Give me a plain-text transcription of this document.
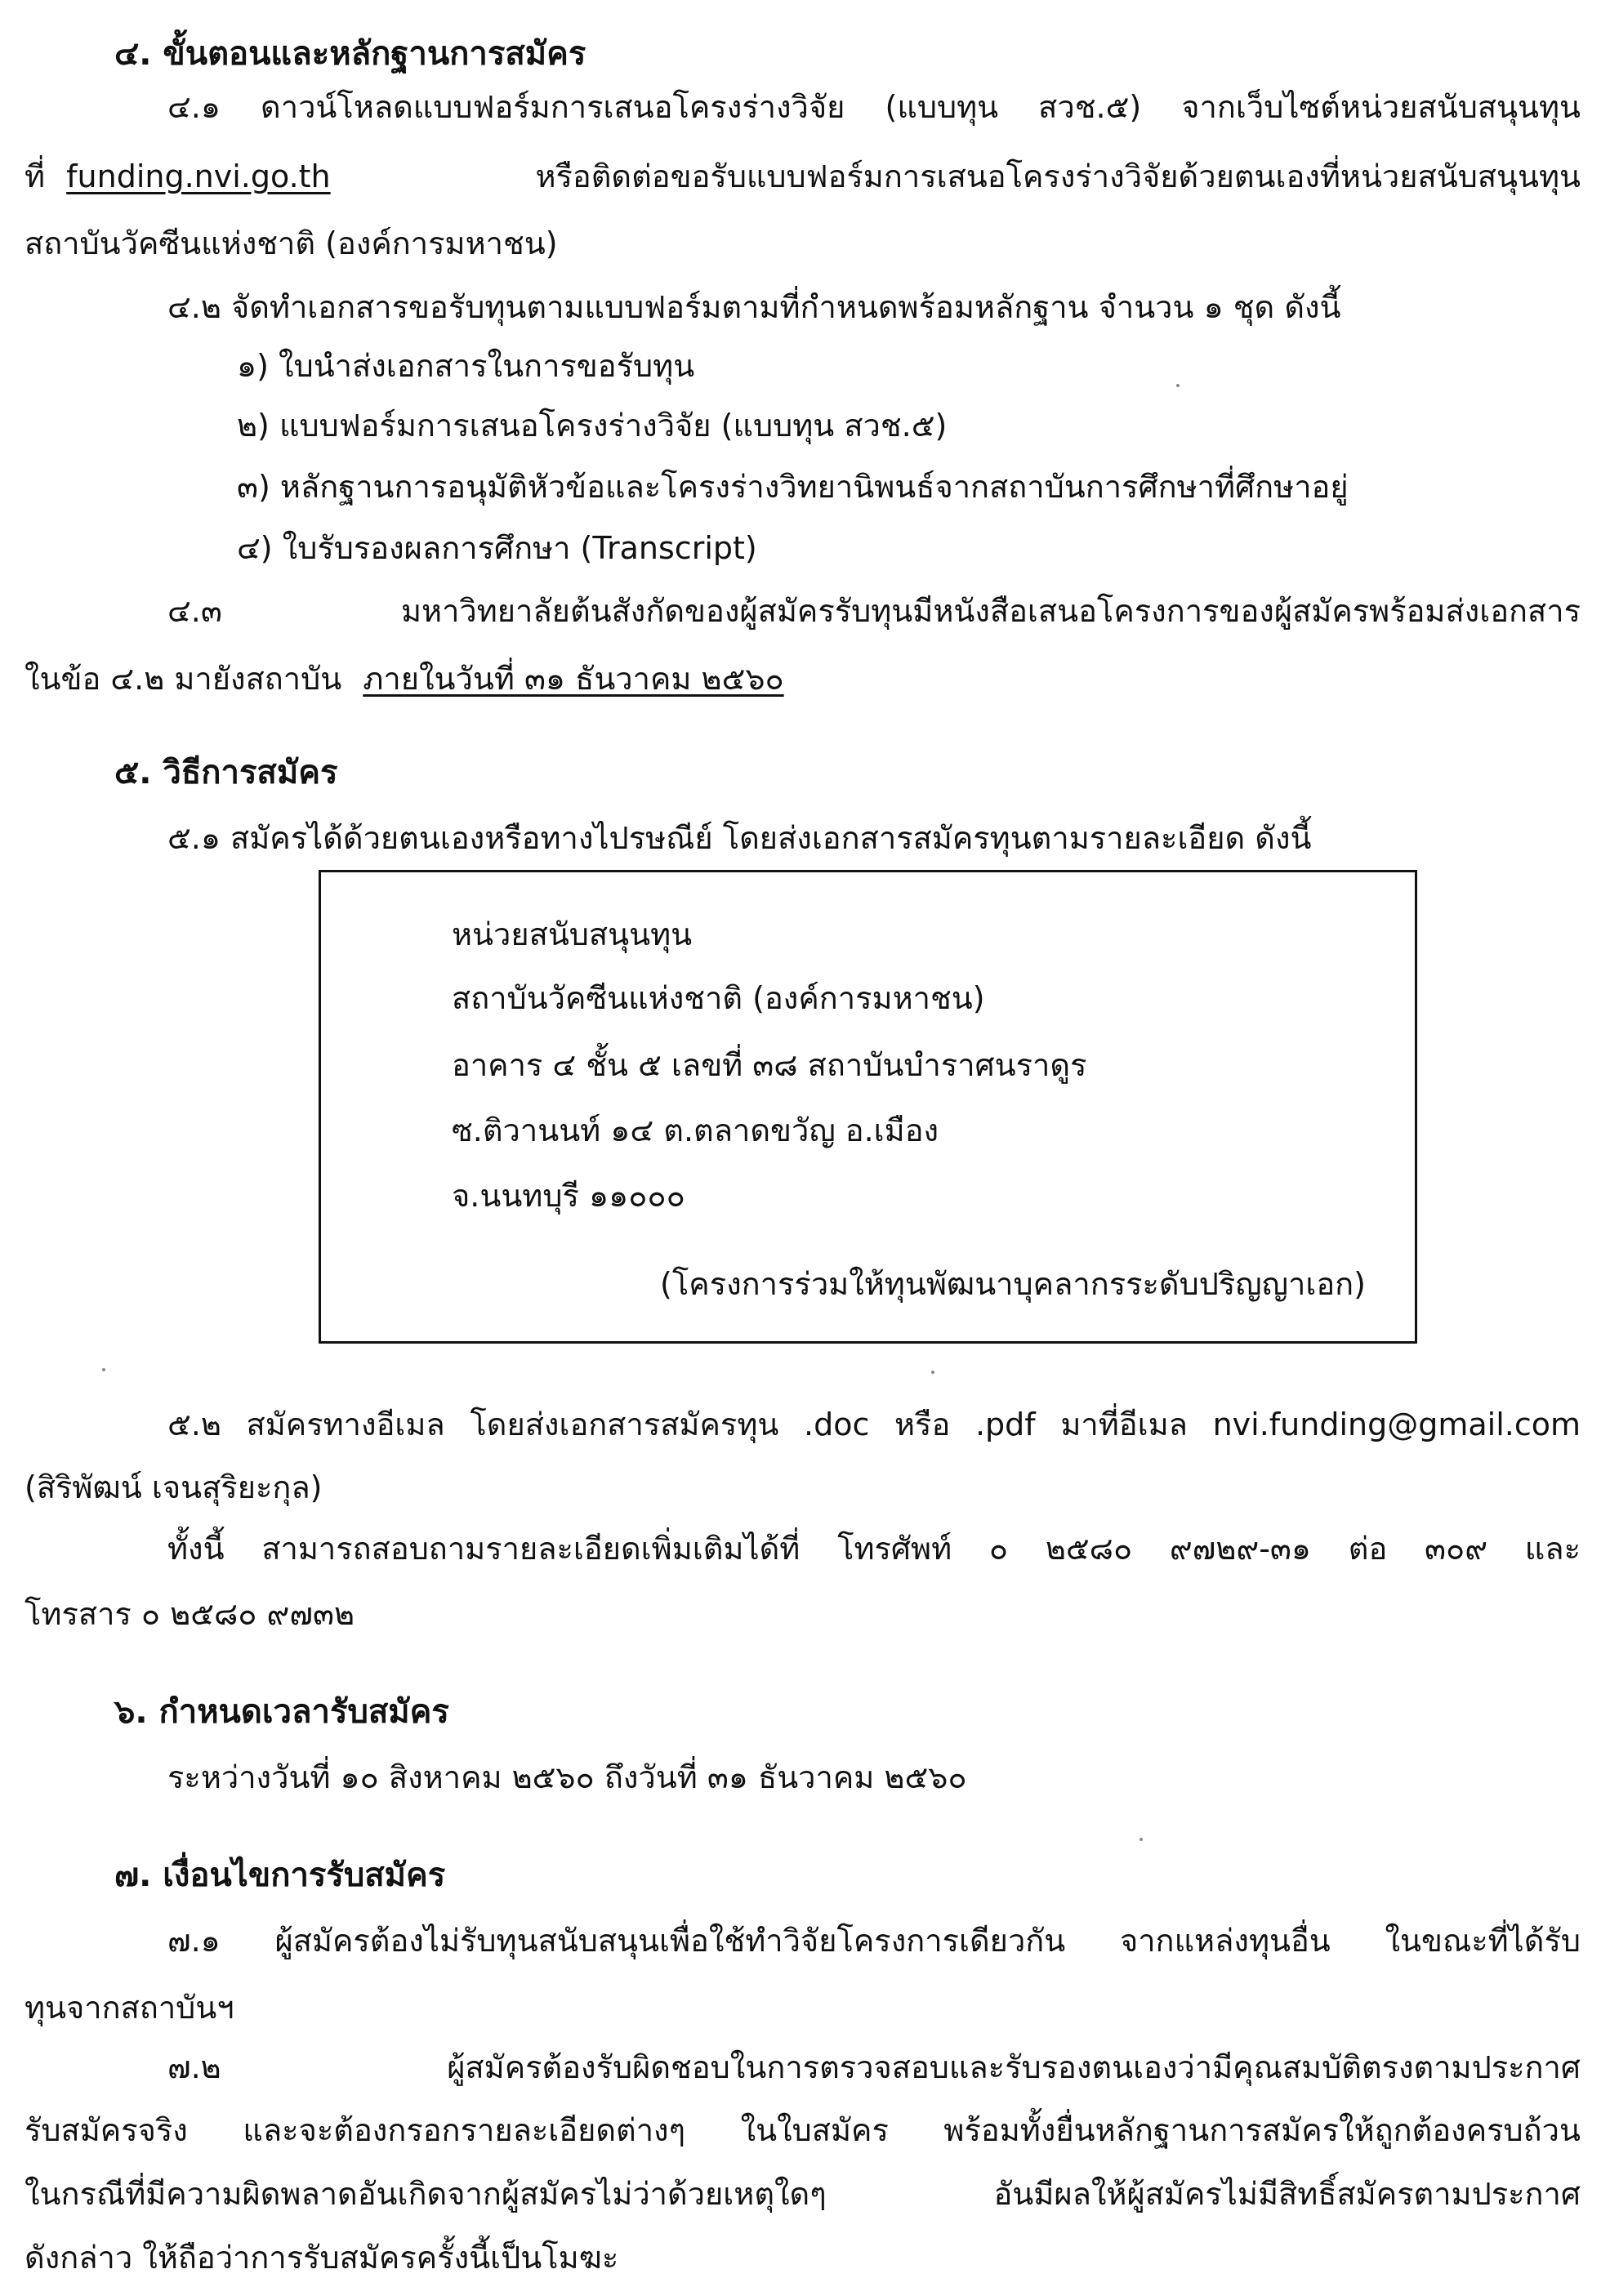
๔. ขั้นตอนและหลักฐานการสมัคร
๔.๑ ดาวน์โหลดแบบฟอร์มการเสนอโครงร่างวิจัย (แบบทุน สวช.๕) จากเว็บไซต์หน่วยสนับสนุนทุน
ที่ funding.nvi.go.th	หรือติดต่อขอรับแบบฟอร์มการเสนอโครงร่างวิจัยด้วยตนเองที่หน่วยสนับสนุนทุน
สถาบันวัคซีนแห่งชาติ (องค์การมหาชน)
๔.๒ จัดทำเอกสารขอรับทุนตามแบบฟอร์มตามที่กำหนดพร้อมหลักฐาน จำนวน ๑ ชุด ดังนี้
๑) ใบนำส่งเอกสารในการขอรับทุน
๒) แบบฟอร์มการเสนอโครงร่างวิจัย (แบบทุน สวช.๕)
๓) หลักฐานการอนุมัติหัวข้อและโครงร่างวิทยานิพนธ์จากสถาบันการศึกษาที่ศึกษาอยู่
๔) ใบรับรองผลการศึกษา (Transcript)
๔.๓ มหาวิทยาลัยต้นสังกัดของผู้สมัครรับทุนมีหนังสือเสนอโครงการของผู้สมัครพร้อมส่งเอกสาร
ในข้อ ๔.๒ มายังสถาบัน ภายในวันที่ ๓๑ ธันวาคม ๒๕๖๐
๕. วิธีการสมัคร
๕.๑ สมัครได้ด้วยตนเองหรือทางไปรษณีย์ โดยส่งเอกสารสมัครทุนตามรายละเอียด ดังนี้
หน่วยสนับสนุนทุน
สถาบันวัคซีนแห่งชาติ (องค์การมหาชน)
อาคาร ๔ ชั้น ๕ เลขที่ ๓๘ สถาบันบำราศนราดูร
ซ.ติวานนท์ ๑๔ ต.ตลาดขวัญ อ.เมือง
จ.นนทบุรี ๑๑๐๐๐
(โครงการร่วมให้ทุนพัฒนาบุคลากรระดับปริญญาเอก)
๕.๒ สมัครทางอีเมล โดยส่งเอกสารสมัครทุน .doc หรือ .pdf มาที่อีเมล nvi.funding@gmail.com
(สิริพัฒน์ เจนสุริยะกุล)
ทั้งนี้ สามารถสอบถามรายละเอียดเพิ่มเติมได้ที่ โทรศัพท์ ๐ ๒๕๘๐ ๙๗๒๙-๓๑ ต่อ ๓๐๙ และ
โทรสาร ๐ ๒๕๘๐ ๙๗๓๒
๖. กำหนดเวลารับสมัคร
ระหว่างวันที่ ๑๐ สิงหาคม ๒๕๖๐ ถึงวันที่ ๓๑ ธันวาคม ๒๕๖๐
๗. เงื่อนไขการรับสมัคร
๗.๑ ผู้สมัครต้องไม่รับทุนสนับสนุนเพื่อใช้ทำวิจัยโครงการเดียวกัน จากแหล่งทุนอื่น ในขณะที่ได้รับ
ทุนจากสถาบันฯ
๗.๒ ผู้สมัครต้องรับผิดชอบในการตรวจสอบและรับรองตนเองว่ามีคุณสมบัติตรงตามประกาศ
รับสมัครจริง และจะต้องกรอกรายละเอียดต่างๆ ในใบสมัคร พร้อมทั้งยื่นหลักฐานการสมัครให้ถูกต้องครบถ้วน
ในกรณีที่มีความผิดพลาดอันเกิดจากผู้สมัครไม่ว่าด้วยเหตุใดๆ อันมีผลให้ผู้สมัครไม่มีสิทธิ์สมัครตามประกาศ
ดังกล่าว ให้ถือว่าการรับสมัครครั้งนี้เป็นโมฆะ
